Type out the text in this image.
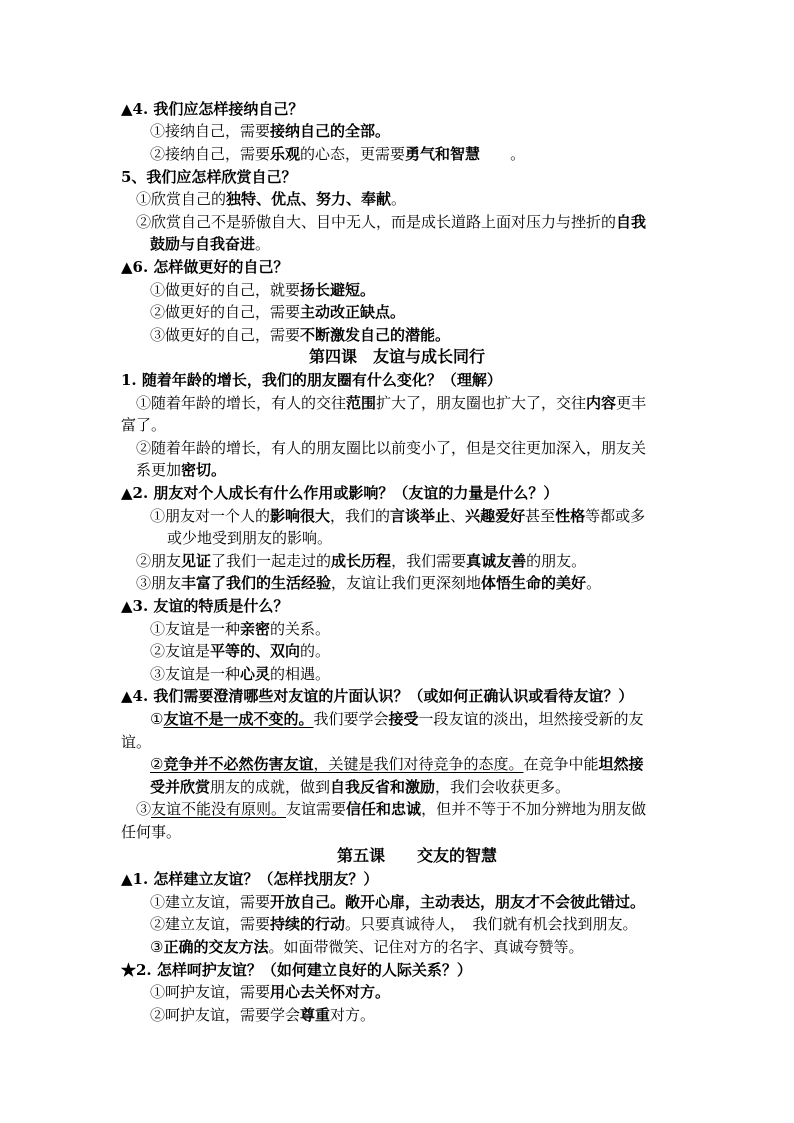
▲4. 我们应怎样接纳自己？
①接纳自己，需要接纳自己的全部。
②接纳自己，需要乐观的心态，更需要勇气和智慧　　。
5、我们应怎样欣赏自己？
①欣赏自己的独特、优点、努力、奉献。
②欣赏自己不是骄傲自大、目中无人，而是成长道路上面对压力与挫折的自我
鼓励与自我奋进。
▲6. 怎样做更好的自己？
①做更好的自己，就要扬长避短。
②做更好的自己，需要主动改正缺点。
③做更好的自己，需要不断激发自己的潜能。
第四课　友谊与成长同行
1. 随着年龄的增长，我们的朋友圈有什么变化？（理解）
①随着年龄的增长，有人的交往范围扩大了，朋友圈也扩大了，交往内容更丰
富了。
②随着年龄的增长，有人的朋友圈比以前变小了，但是交往更加深入，朋友关
系更加密切。
▲2. 朋友对个人成长有什么作用或影响？（友谊的力量是什么？）
①朋友对一个人的影响很大，我们的言谈举止、兴趣爱好甚至性格等都或多
或少地受到朋友的影响。
②朋友见证了我们一起走过的成长历程，我们需要真诚友善的朋友。
③朋友丰富了我们的生活经验，友谊让我们更深刻地体悟生命的美好。
▲3. 友谊的特质是什么？
①友谊是一种亲密的关系。
②友谊是平等的、双向的。
③友谊是一种心灵的相遇。
▲4. 我们需要澄清哪些对友谊的片面认识？（或如何正确认识或看待友谊？）
①友谊不是一成不变的。我们要学会接受一段友谊的淡出，坦然接受新的友
谊。
②竞争并不必然伤害友谊，关键是我们对待竞争的态度。在竞争中能坦然接
受并欣赏朋友的成就，做到自我反省和激励，我们会收获更多。
③友谊不能没有原则。友谊需要信任和忠诚，但并不等于不加分辨地为朋友做
任何事。
第五课　　交友的智慧
▲1. 怎样建立友谊？（怎样找朋友？）
①建立友谊，需要开放自己。敞开心扉，主动表达，朋友才不会彼此错过。
②建立友谊，需要持续的行动。只要真诚待人，　我们就有机会找到朋友。
③正确的交友方法。如面带微笑、记住对方的名字、真诚夸赞等。
★2. 怎样呵护友谊？（如何建立良好的人际关系？）
①呵护友谊，需要用心去关怀对方。
②呵护友谊，需要学会尊重对方。
